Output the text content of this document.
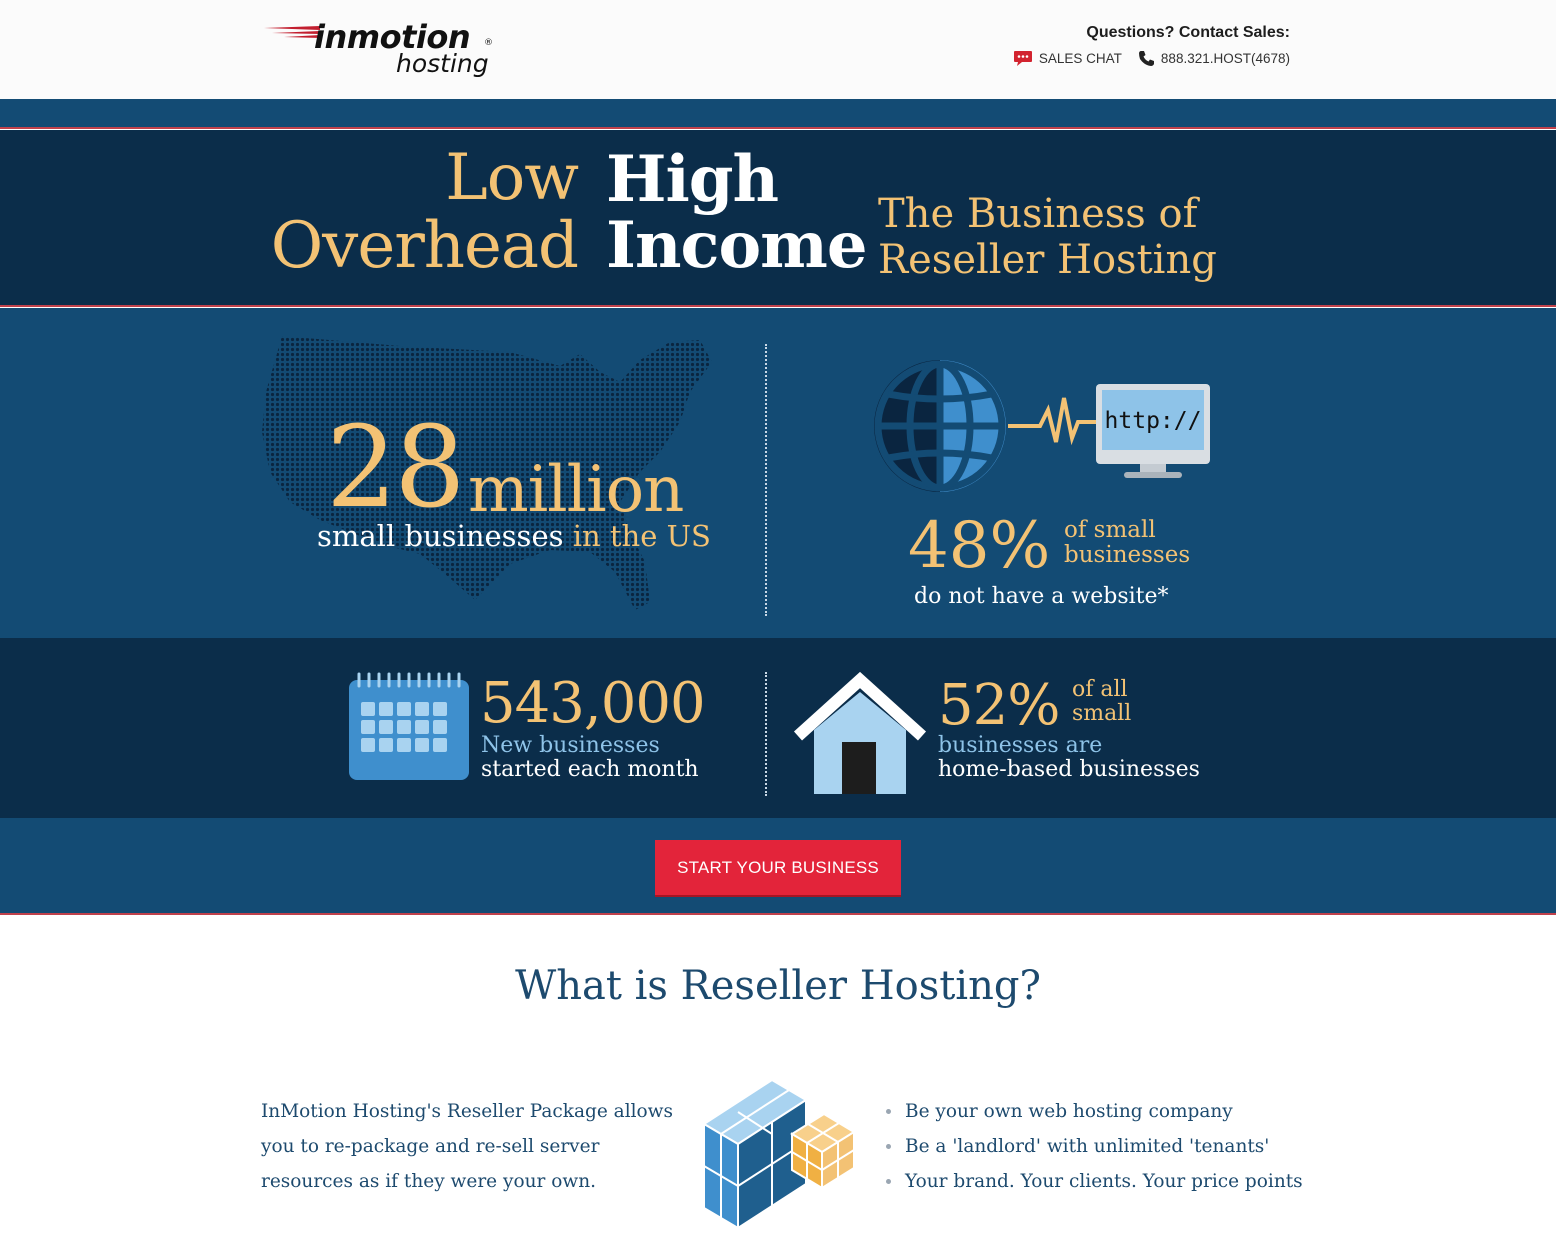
inmotion ®
hosting
Questions? Contact Sales:
SALES CHAT	888.321.HOST(4678)
Low
Overhead
High
Income The Business of
Reseller Hosting
28 million
small businesses in the US
http://
48% of small
businesses
do not have a website*
543,000
New businesses
started each month
52% of all
small
businesses are
home-based businesses
START YOUR BUSINESS
What is Reseller Hosting?

InMotion Hosting's Reseller Package allows you to re-package and re-sell server resources as if they were your own.

Be your own web hosting company
Be a 'landlord' with unlimited 'tenants'
Your brand. Your clients. Your price points
